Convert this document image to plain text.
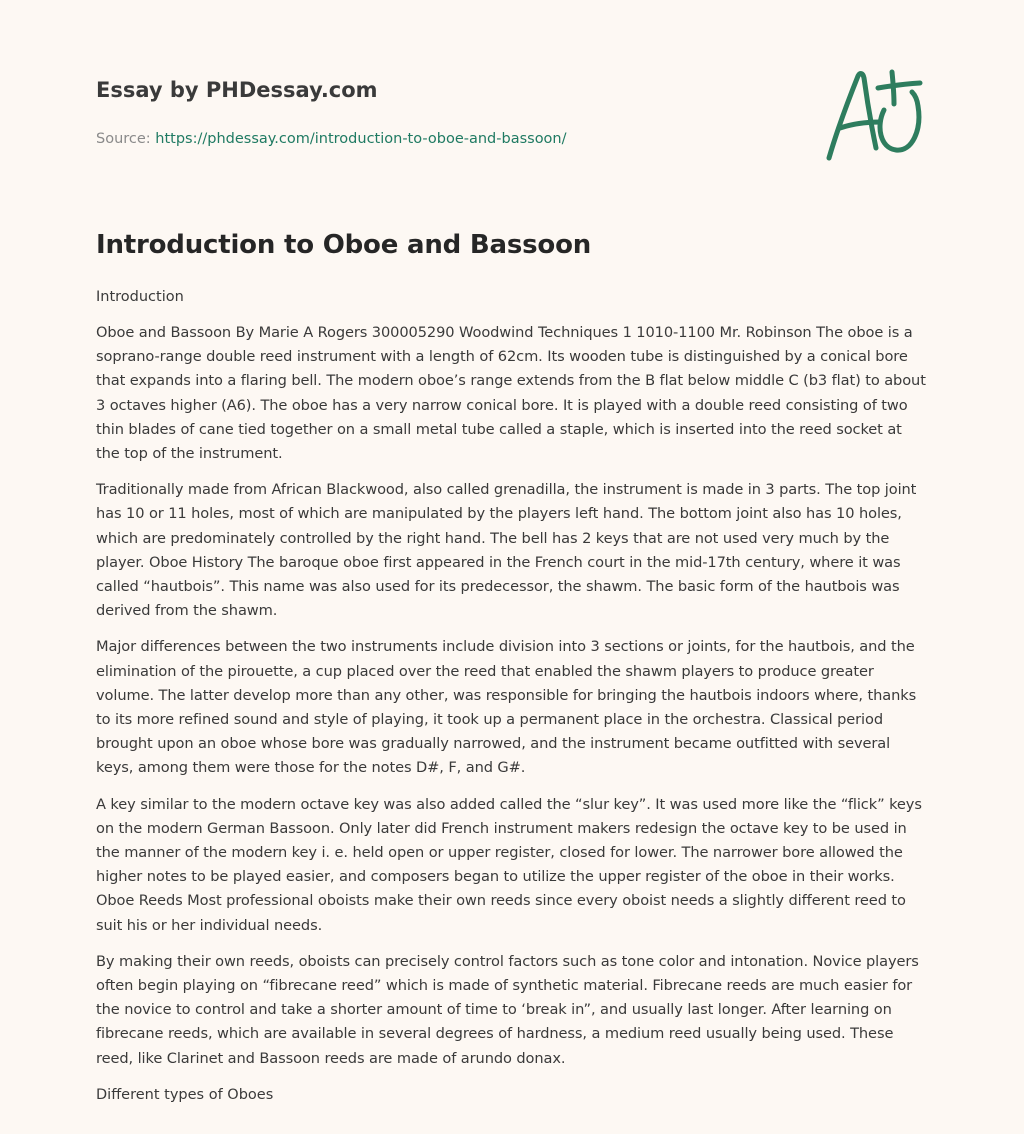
Essay by PHDessay.com
Source: https://phdessay.com/introduction-to-oboe-and-bassoon/
Introduction to Oboe and Bassoon

Introduction

Oboe and Bassoon By Marie A Rogers 300005290 Woodwind Techniques 1 1010-1100 Mr. Robinson The oboe is a soprano-range double reed instrument with a length of 62cm. Its wooden tube is distinguished by a conical bore that expands into a flaring bell. The modern oboe’s range extends from the B flat below middle C (b3 flat) to about 3 octaves higher (A6). The oboe has a very narrow conical bore. It is played with a double reed consisting of two thin blades of cane tied together on a small metal tube called a staple, which is inserted into the reed socket at the top of the instrument.

Traditionally made from African Blackwood, also called grenadilla, the instrument is made in 3 parts. The top joint has 10 or 11 holes, most of which are manipulated by the players left hand. The bottom joint also has 10 holes, which are predominately controlled by the right hand. The bell has 2 keys that are not used very much by the player. Oboe History The baroque oboe first appeared in the French court in the mid-17th century, where it was called “hautbois”. This name was also used for its predecessor, the shawm. The basic form of the hautbois was derived from the shawm.

Major differences between the two instruments include division into 3 sections or joints, for the hautbois, and the elimination of the pirouette, a cup placed over the reed that enabled the shawm players to produce greater volume. The latter develop more than any other, was responsible for bringing the hautbois indoors where, thanks to its more refined sound and style of playing, it took up a permanent place in the orchestra. Classical period brought upon an oboe whose bore was gradually narrowed, and the instrument became outfitted with several keys, among them were those for the notes D#, F, and G#.

A key similar to the modern octave key was also added called the “slur key”. It was used more like the “flick” keys on the modern German Bassoon. Only later did French instrument makers redesign the octave key to be used in the manner of the modern key i. e. held open or upper register, closed for lower. The narrower bore allowed the higher notes to be played easier, and composers began to utilize the upper register of the oboe in their works. Oboe Reeds Most professional oboists make their own reeds since every oboist needs a slightly different reed to suit his or her individual needs.

By making their own reeds, oboists can precisely control factors such as tone color and intonation. Novice players often begin playing on “fibrecane reed” which is made of synthetic material. Fibrecane reeds are much easier for the novice to control and take a shorter amount of time to ‘break in”, and usually last longer. After learning on fibrecane reeds, which are available in several degrees of hardness, a medium reed usually being used. These reed, like Clarinet and Bassoon reeds are made of arundo donax.

Different types of Oboes
